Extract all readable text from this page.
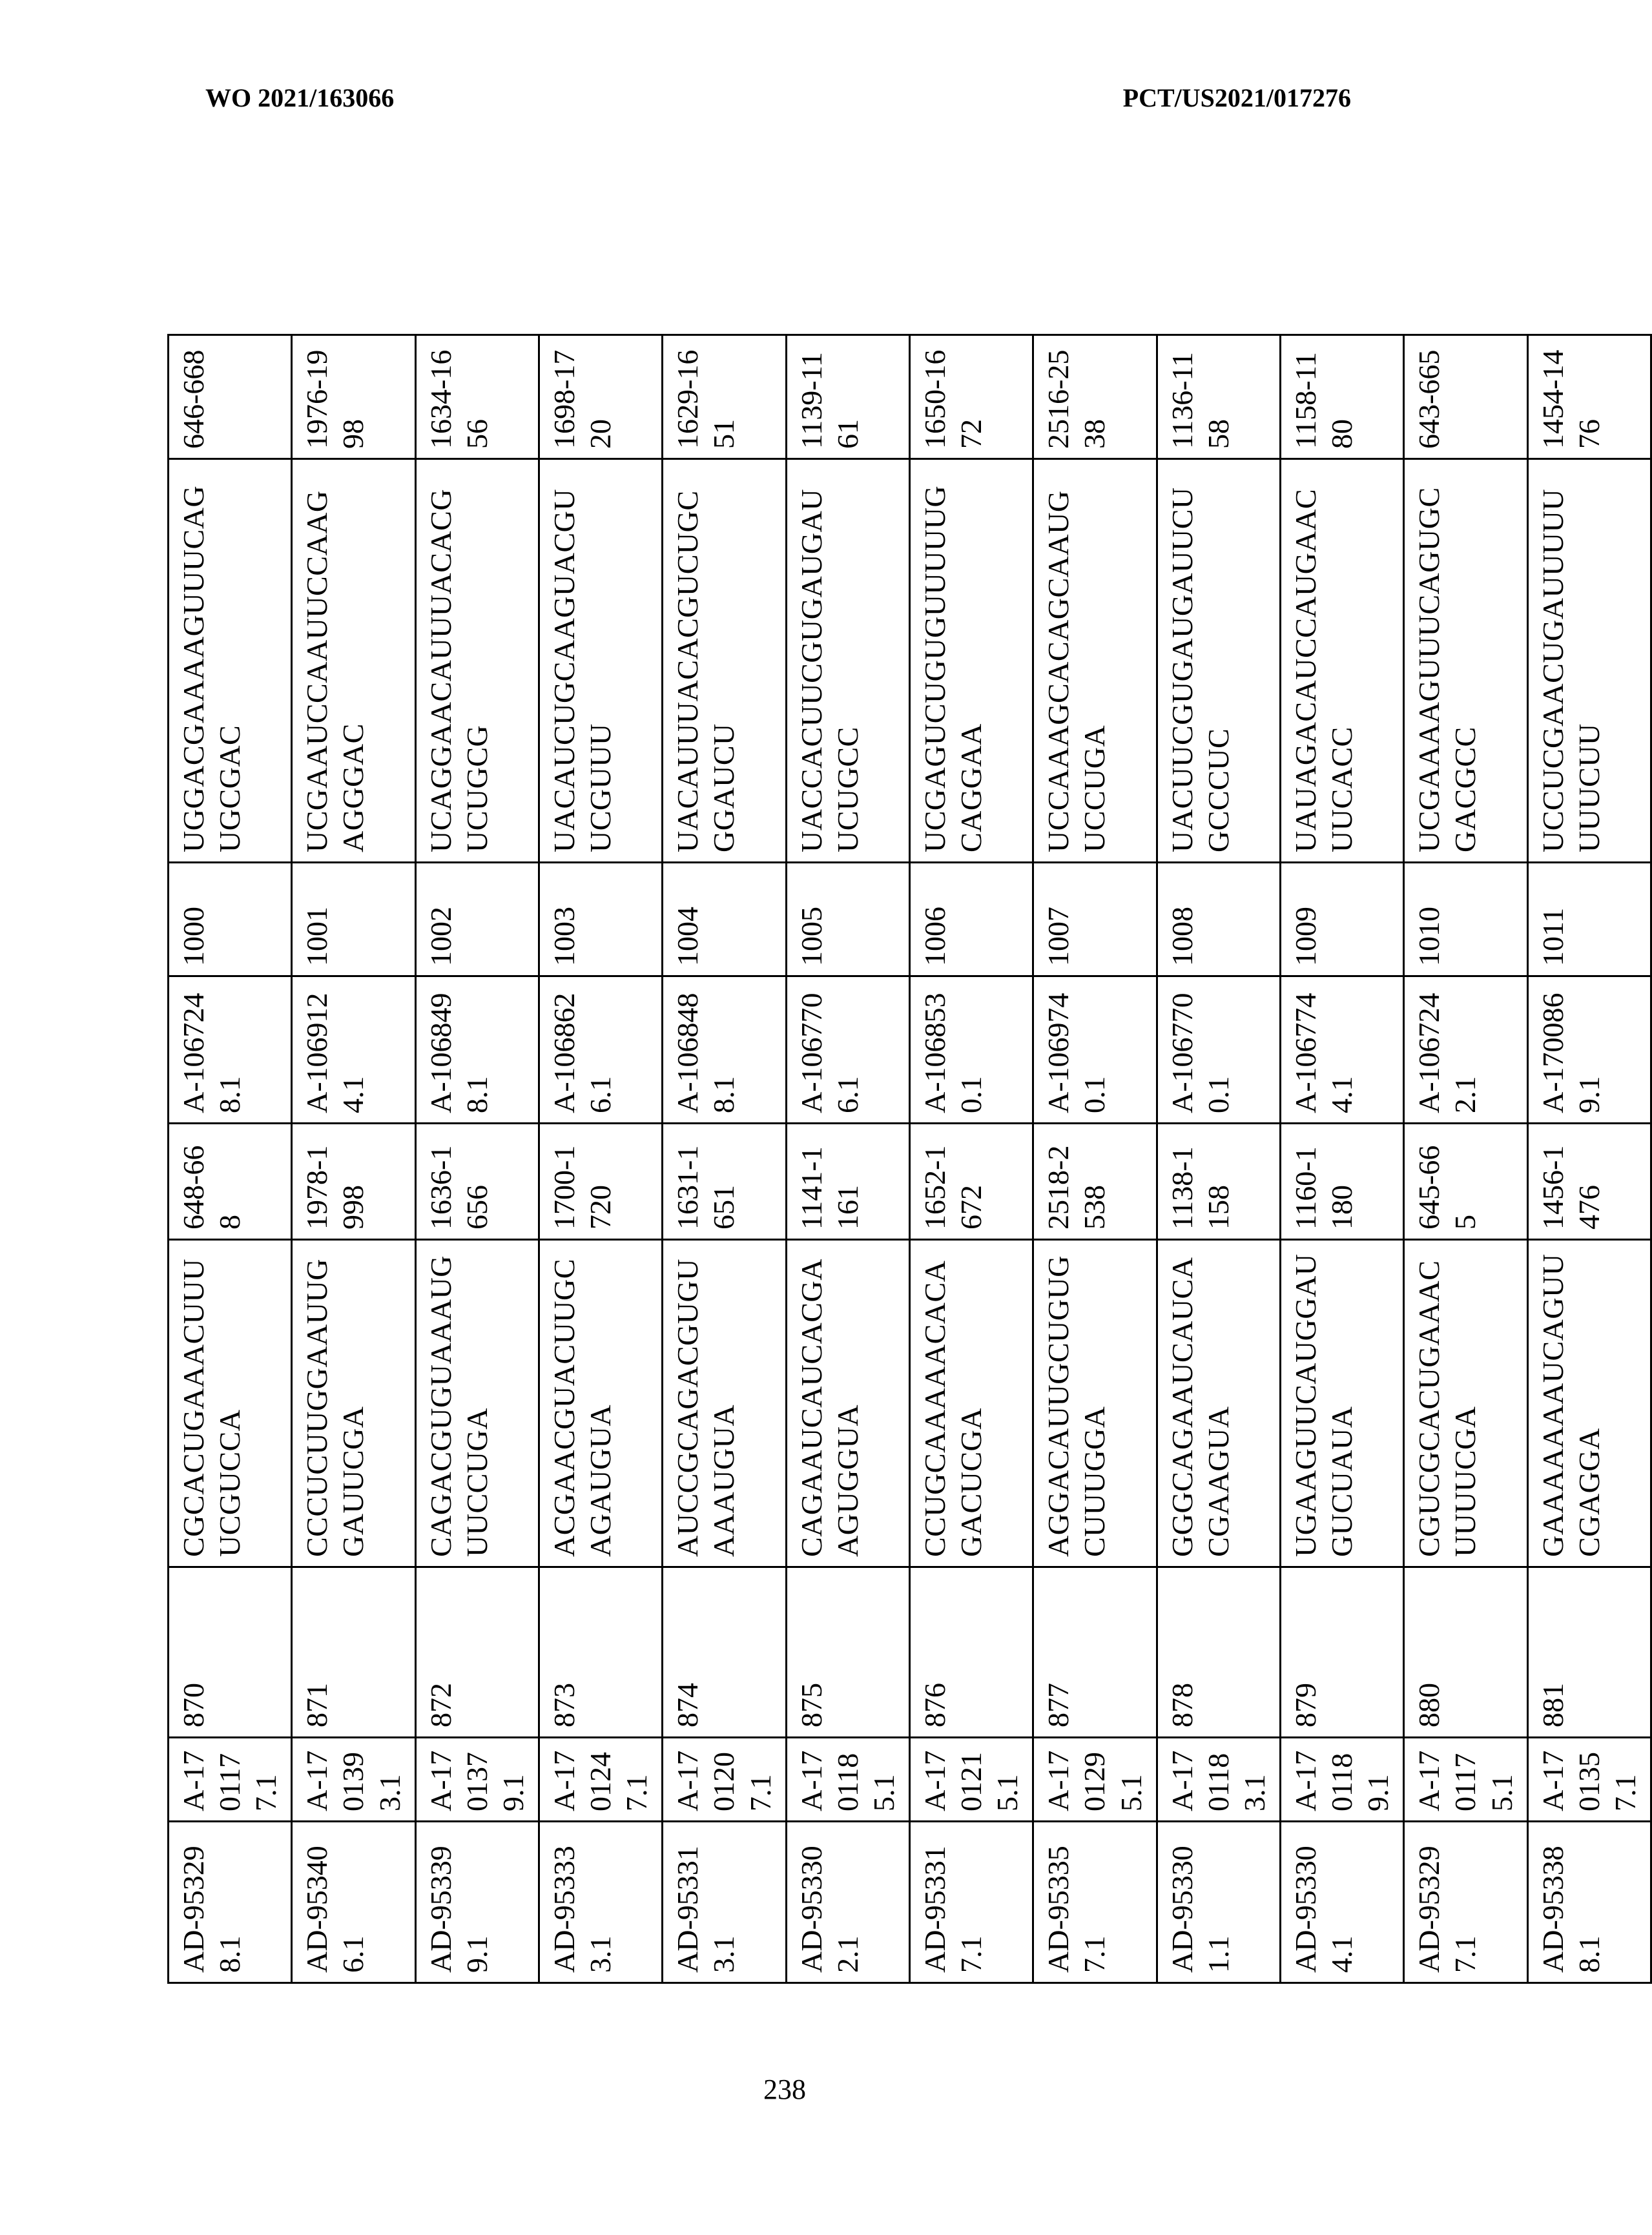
WO 2021/163066	PCT/US2021/017276
AD-953298.1	A-1701177.1	870	CGCACUGAAACUUUUCGUCCA	648-668	A-1067248.1	1000	UGGACGAAAAGUUUCAGUGCGAC	646-668
AD-953406.1	A-1701393.1	871	CCCUCUUGGAAUUGGAUUCGA	1978-1998	A-1069124.1	1001	UCGAAUCCAAUUCCAAGAGGGAC	1976-1998
AD-953399.1	A-1701379.1	872	CAGACGUGUAAAUGUUCCUGA	1636-1656	A-1068498.1	1002	UCAGGAACAUUUACACGUCUGCG	1634-1656
AD-953333.1	A-1701247.1	873	ACGAACGUACUUGCAGAUGUA	1700-1720	A-1068626.1	1003	UACAUCUGCAAGUACGUUCGUUU	1698-1720
AD-953313.1	A-1701207.1	874	AUCCGCAGACGUGUAAAUGUA	1631-1651	A-1068488.1	1004	UACAUUUACACGUCUGCGGAUCU	1629-1651
AD-953302.1	A-1701185.1	875	CAGAAUCAUCACGAAGUGGUA	1141-1161	A-1067706.1	1005	UACCACUUCGUGAUGAUUCUGCC	1139-1161
AD-953317.1	A-1701215.1	876	CCUGCAAAAACACAGACUCGA	1652-1672	A-1068530.1	1006	UCGAGUCUGUGUUUUUGCAGGAA	1650-1672
AD-953357.1	A-1701295.1	877	AGGACAUUGCUGUGCUUUGGA	2518-2538	A-1069740.1	1007	UCCAAAGCACAGCAAUGUCCUGA	2516-2538
AD-953301.1	A-1701183.1	878	GGGCAGAAUCAUCACGAAGUA	1138-1158	A-1067700.1	1008	UACUUCGUGAUGAUUCUGCCCUC	1136-1158
AD-953304.1	A-1701189.1	879	UGAAGUUCAUGGAUGUCUAUA	1160-1180	A-1067744.1	1009	UAUAGACAUCCAUGAACUUCACC	1158-1180
AD-953297.1	A-1701175.1	880	CGUCGCACUGAAACUUUUCGA	645-665	A-1067242.1	1010	UCGAAAAGUUUCAGUGCGACGCC	643-665
AD-953388.1	A-1701357.1	881	GAAAAAAAUCAGUUCGAGGA	1456-1476	A-1700869.1	1011	UCCUCGAACUGAUUUUUUUUCUU	1454-1476
238
